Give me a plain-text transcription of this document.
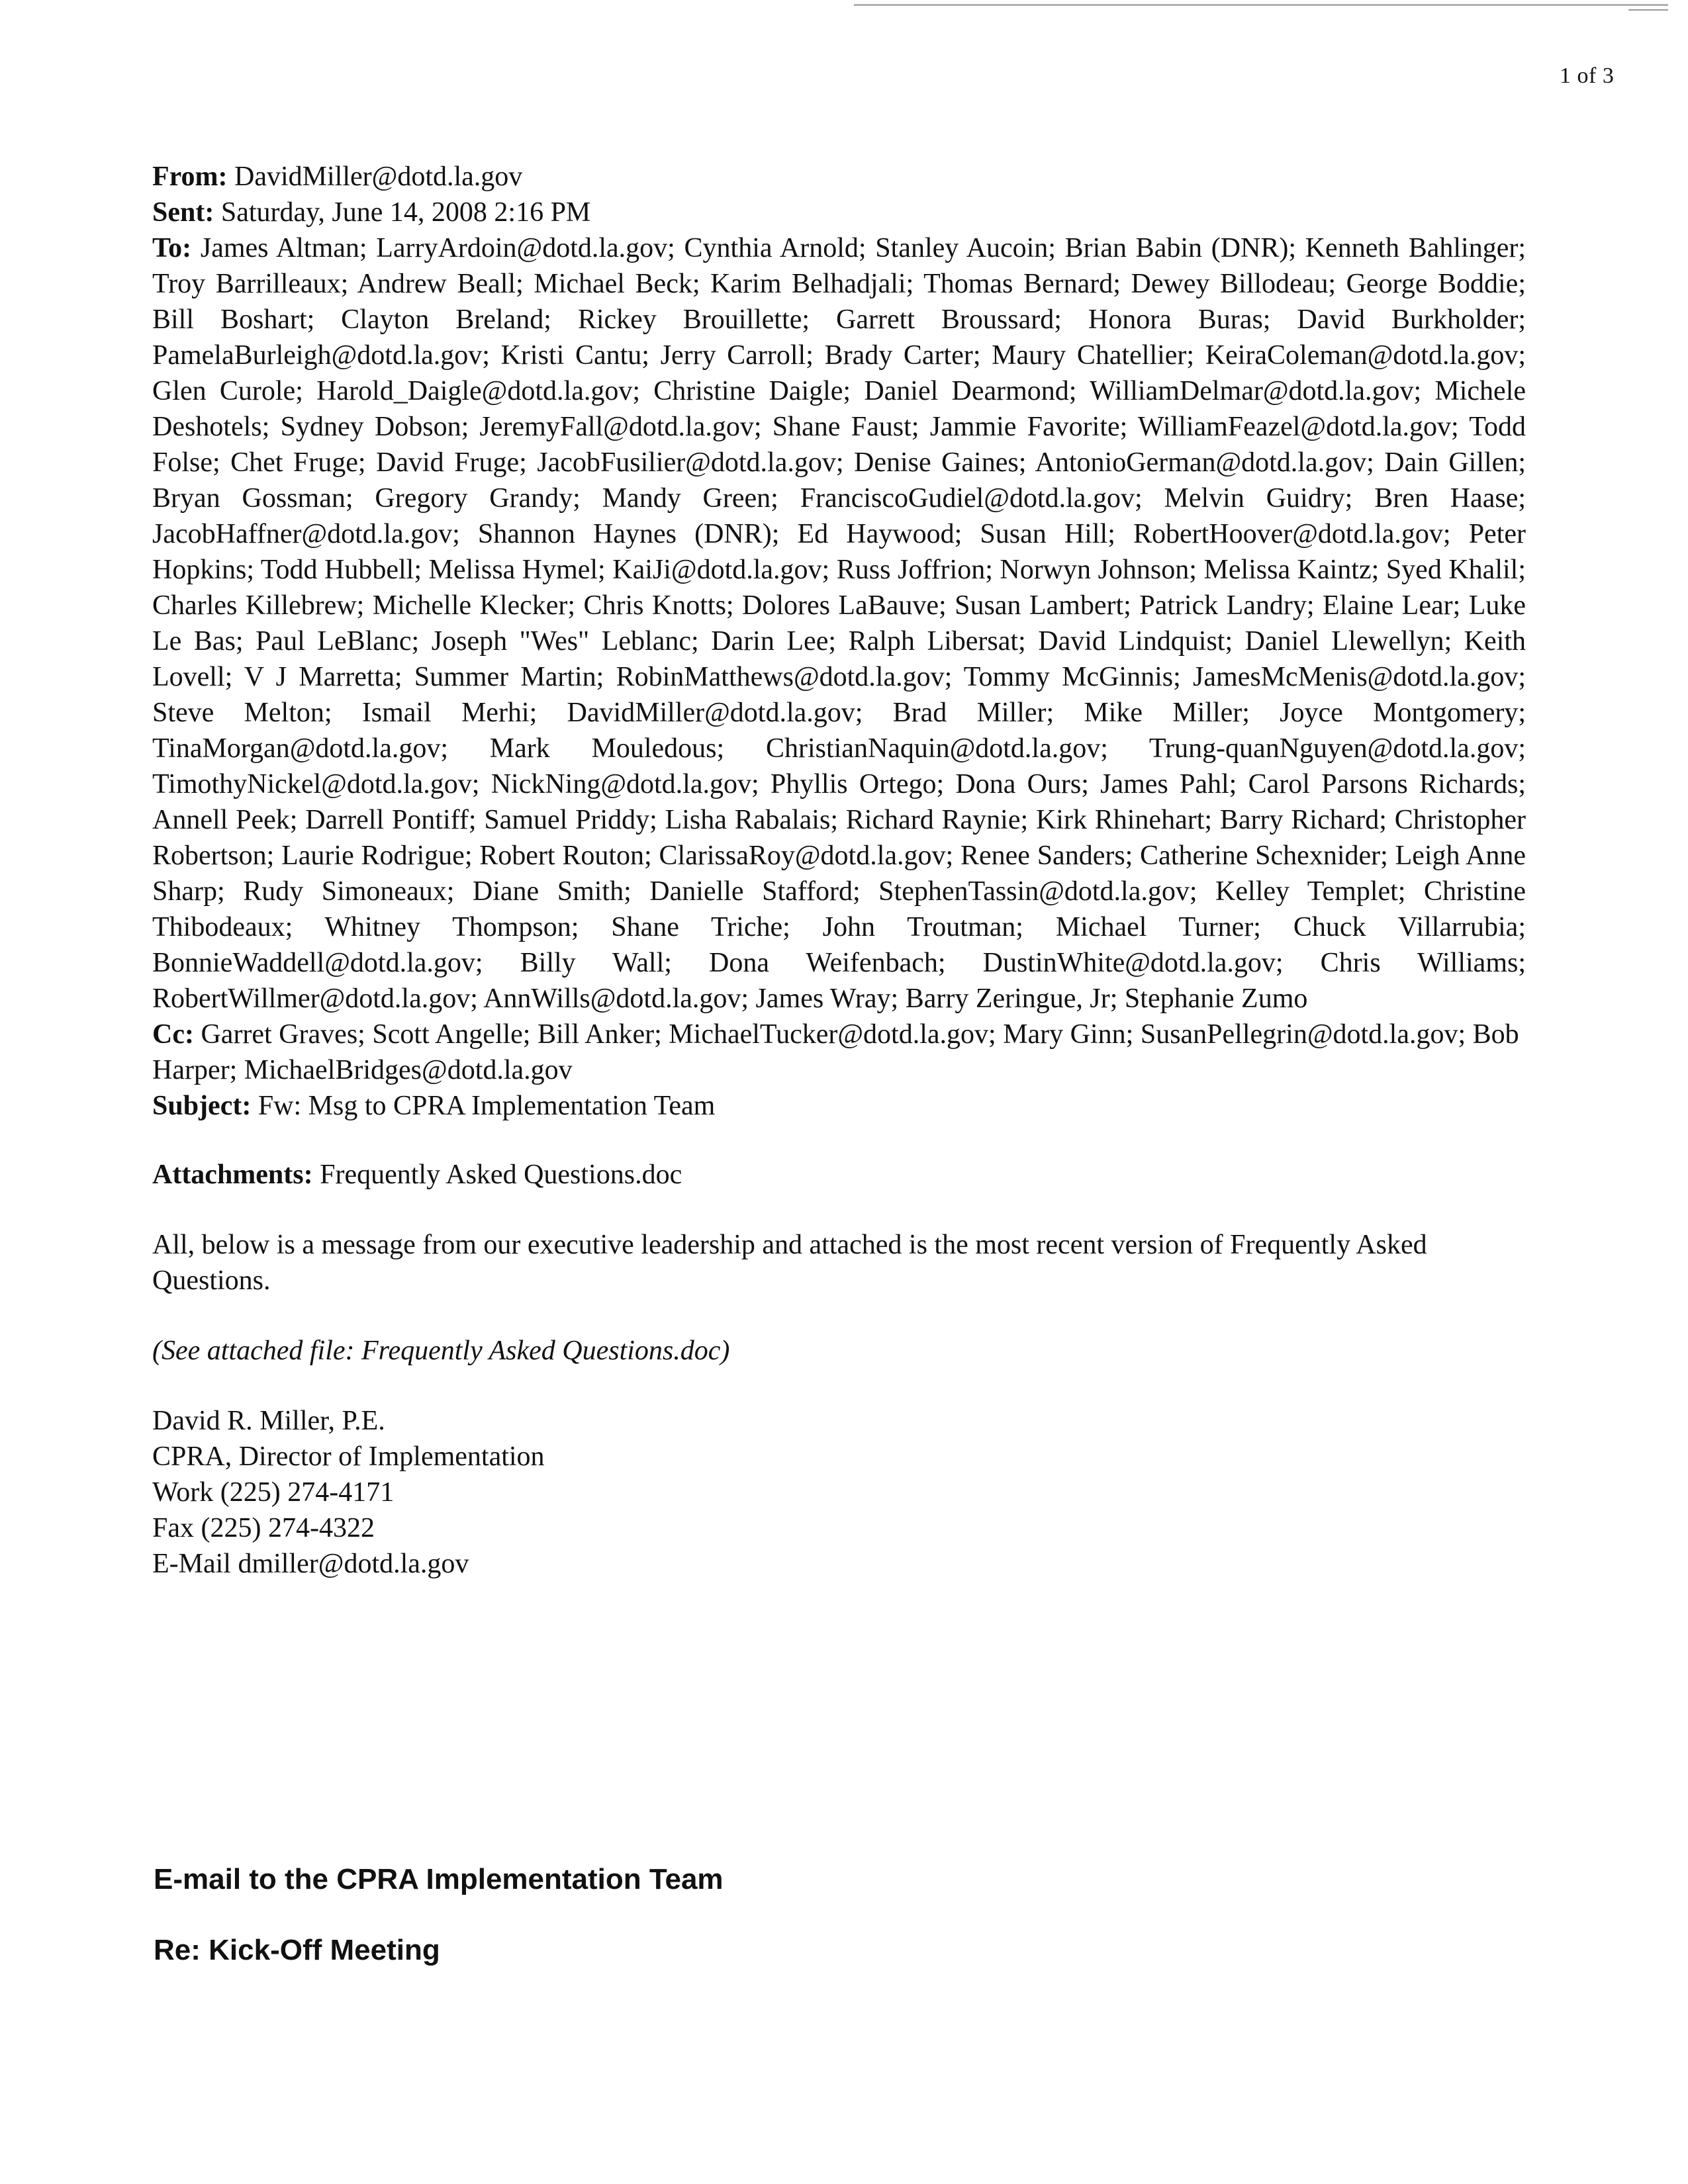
1 of 3
From: DavidMiller@dotd.la.gov
Sent: Saturday, June 14, 2008 2:16 PM
To: James Altman; LarryArdoin@dotd.la.gov; Cynthia Arnold; Stanley Aucoin; Brian Babin (DNR); Kenneth Bahlinger; Troy Barrilleaux; Andrew Beall; Michael Beck; Karim Belhadjali; Thomas Bernard; Dewey Billodeau; George Boddie; Bill Boshart; Clayton Breland; Rickey Brouillette; Garrett Broussard; Honora Buras; David Burkholder; PamelaBurleigh@dotd.la.gov; Kristi Cantu; Jerry Carroll; Brady Carter; Maury Chatellier; KeiraColeman@dotd.la.gov; Glen Curole; Harold_Daigle@dotd.la.gov; Christine Daigle; Daniel Dearmond; WilliamDelmar@dotd.la.gov; Michele Deshotels; Sydney Dobson; JeremyFall@dotd.la.gov; Shane Faust; Jammie Favorite; WilliamFeazel@dotd.la.gov; Todd Folse; Chet Fruge; David Fruge; JacobFusilier@dotd.la.gov; Denise Gaines; AntonioGerman@dotd.la.gov; Dain Gillen; Bryan Gossman; Gregory Grandy; Mandy Green; FranciscoGudiel@dotd.la.gov; Melvin Guidry; Bren Haase; JacobHaffner@dotd.la.gov; Shannon Haynes (DNR); Ed Haywood; Susan Hill; RobertHoover@dotd.la.gov; Peter Hopkins; Todd Hubbell; Melissa Hymel; KaiJi@dotd.la.gov; Russ Joffrion; Norwyn Johnson; Melissa Kaintz; Syed Khalil; Charles Killebrew; Michelle Klecker; Chris Knotts; Dolores LaBauve; Susan Lambert; Patrick Landry; Elaine Lear; Luke Le Bas; Paul LeBlanc; Joseph "Wes" Leblanc; Darin Lee; Ralph Libersat; David Lindquist; Daniel Llewellyn; Keith Lovell; V J Marretta; Summer Martin; RobinMatthews@dotd.la.gov; Tommy McGinnis; JamesMcMenis@dotd.la.gov; Steve Melton; Ismail Merhi; DavidMiller@dotd.la.gov; Brad Miller; Mike Miller; Joyce Montgomery; TinaMorgan@dotd.la.gov; Mark Mouledous; ChristianNaquin@dotd.la.gov; Trung-quanNguyen@dotd.la.gov; TimothyNickel@dotd.la.gov; NickNing@dotd.la.gov; Phyllis Ortego; Dona Ours; James Pahl; Carol Parsons Richards; Annell Peek; Darrell Pontiff; Samuel Priddy; Lisha Rabalais; Richard Raynie; Kirk Rhinehart; Barry Richard; Christopher Robertson; Laurie Rodrigue; Robert Routon; ClarissaRoy@dotd.la.gov; Renee Sanders; Catherine Schexnider; Leigh Anne Sharp; Rudy Simoneaux; Diane Smith; Danielle Stafford; StephenTassin@dotd.la.gov; Kelley Templet; Christine Thibodeaux; Whitney Thompson; Shane Triche; John Troutman; Michael Turner; Chuck Villarrubia; BonnieWaddell@dotd.la.gov; Billy Wall; Dona Weifenbach; DustinWhite@dotd.la.gov; Chris Williams; RobertWillmer@dotd.la.gov; AnnWills@dotd.la.gov; James Wray; Barry Zeringue, Jr; Stephanie Zumo
Cc: Garret Graves; Scott Angelle; Bill Anker; MichaelTucker@dotd.la.gov; Mary Ginn; SusanPellegrin@dotd.la.gov; Bob Harper; MichaelBridges@dotd.la.gov
Subject: Fw: Msg to CPRA Implementation Team
Attachments: Frequently Asked Questions.doc
All, below is a message from our executive leadership and attached is the most recent version of Frequently Asked Questions.
(See attached file: Frequently Asked Questions.doc)
David R. Miller, P.E.
CPRA, Director of Implementation
Work (225) 274-4171
Fax (225) 274-4322
E-Mail dmiller@dotd.la.gov
E-mail to the CPRA Implementation Team
Re: Kick-Off Meeting
